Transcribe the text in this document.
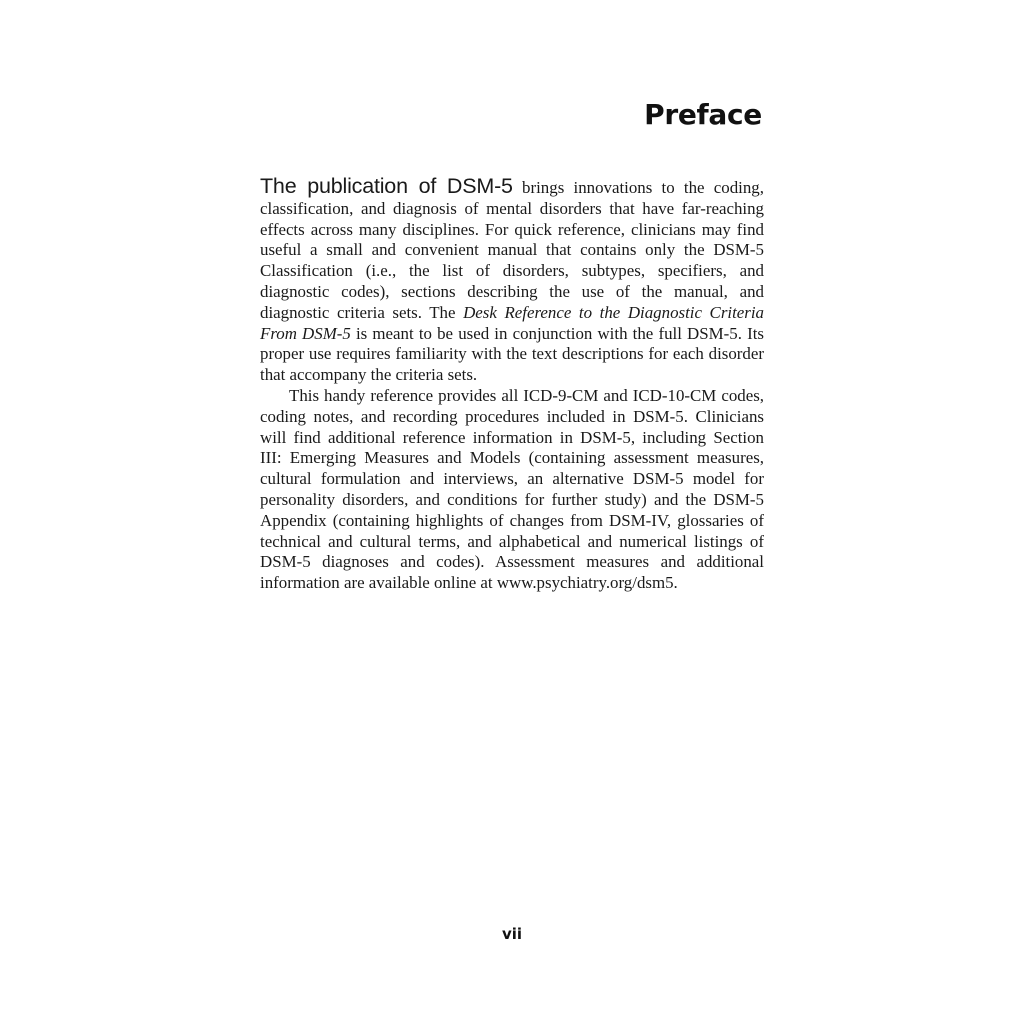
Preface

The publication of DSM-5 brings innovations to the coding, classification, and diagnosis of mental disorders that have far-reaching effects across many disciplines. For quick reference, clinicians may find useful a small and convenient manual that contains only the DSM-5 Classification (i.e., the list of disorders, subtypes, specifiers, and diagnostic codes), sections describing the use of the manual, and diagnostic criteria sets. The Desk Reference to the Diagnostic Criteria From DSM-5 is meant to be used in conjunction with the full DSM-5. Its proper use requires familiarity with the text descriptions for each disorder that accompany the criteria sets.

This handy reference provides all ICD-9-CM and ICD-10-CM codes, coding notes, and recording procedures included in DSM-5. Clinicians will find additional reference information in DSM-5, including Section III: Emerging Measures and Models (containing assessment measures, cultural formulation and interviews, an alternative DSM-5 model for personality disorders, and conditions for further study) and the DSM-5 Appendix (containing highlights of changes from DSM-IV, glossaries of technical and cultural terms, and alphabetical and numerical listings of DSM-5 diagnoses and codes). Assessment measures and additional information are available online at www.psychiatry.org/dsm5.

vii
